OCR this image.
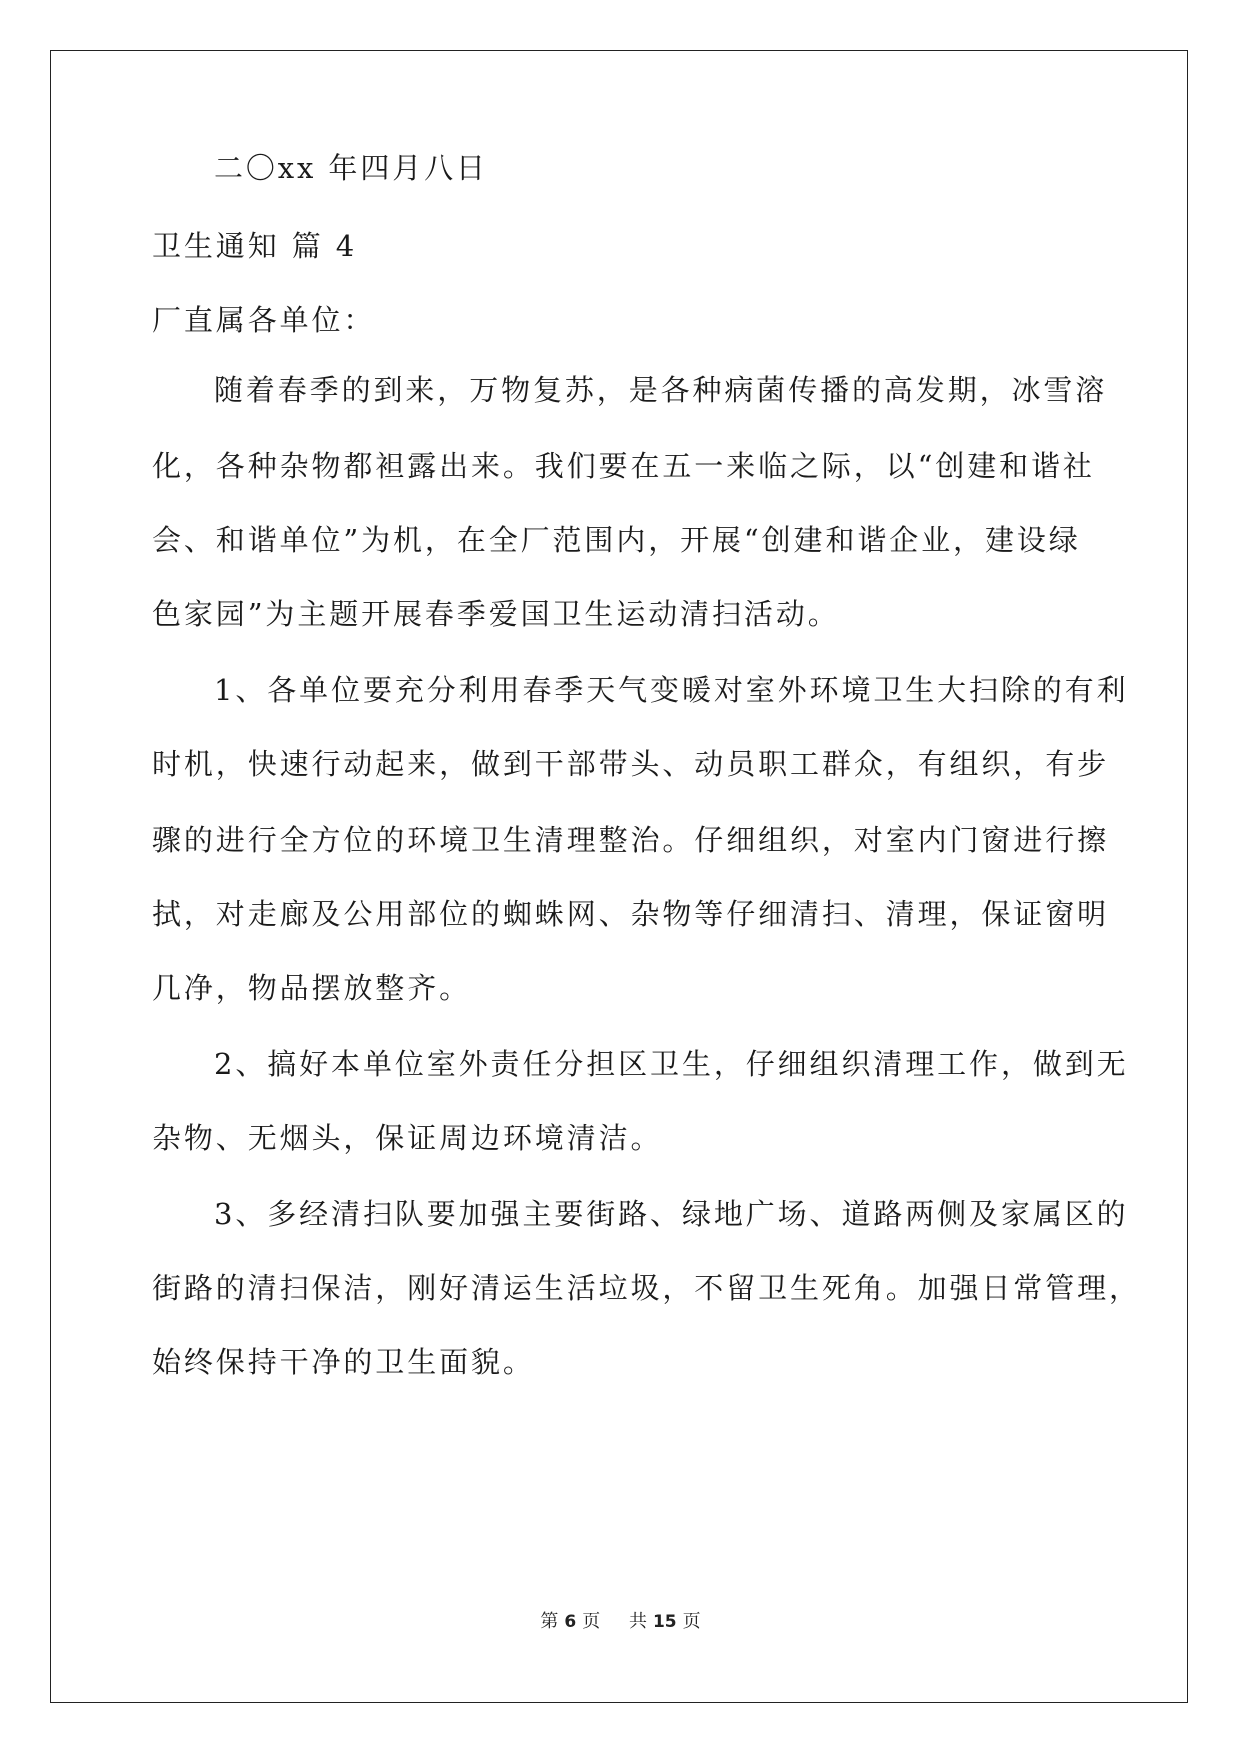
二〇xx 年四月八日
卫生通知 篇 4
厂直属各单位：
随着春季的到来，万物复苏，是各种病菌传播的高发期，冰雪溶
化，各种杂物都袒露出来。我们要在五一来临之际，以“创建和谐社
会、和谐单位”为机，在全厂范围内，开展“创建和谐企业，建设绿
色家园”为主题开展春季爱国卫生运动清扫活动。
1、各单位要充分利用春季天气变暖对室外环境卫生大扫除的有利
时机，快速行动起来，做到干部带头、动员职工群众，有组织，有步
骤的进行全方位的环境卫生清理整治。仔细组织，对室内门窗进行擦
拭，对走廊及公用部位的蜘蛛网、杂物等仔细清扫、清理，保证窗明
几净，物品摆放整齐。
2、搞好本单位室外责任分担区卫生，仔细组织清理工作，做到无
杂物、无烟头，保证周边环境清洁。
3、多经清扫队要加强主要街路、绿地广场、道路两侧及家属区的
街路的清扫保洁，刚好清运生活垃圾，不留卫生死角。加强日常管理，
始终保持干净的卫生面貌。
第 6 页 共 15 页
